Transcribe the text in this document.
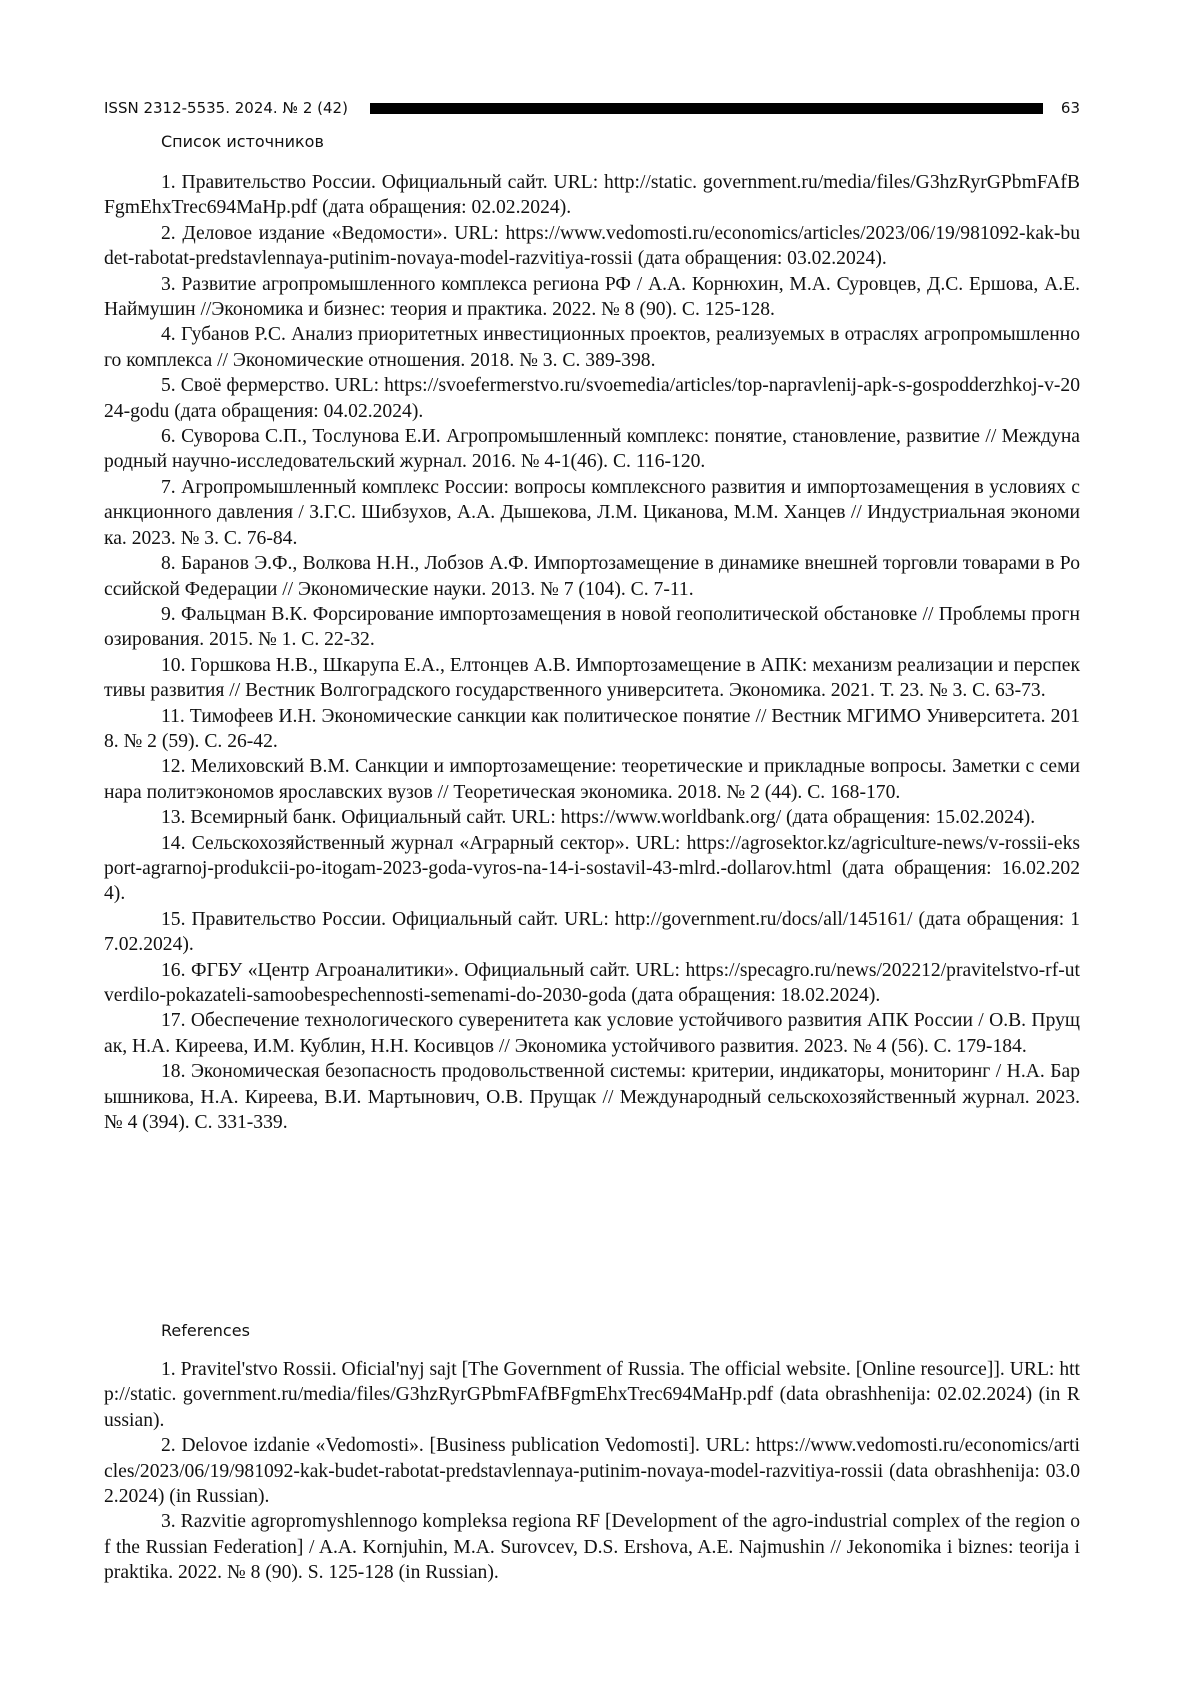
ISSN 2312-5535. 2024. № 2 (42)	63
Список источников

1. Правительство России. Официальный сайт. URL: http://static. government.ru/media/files/G3hzRyrGPbmFAfBFgmEhxTrec694MaHp.pdf (дата обращения: 02.02.2024).

2. Деловое издание «Ведомости». URL: https://www.vedomosti.ru/economics/articles/2023/06/19/981092-kak-budet-rabotat-predstavlennaya-putinim-novaya-model-razvitiya-rossii (дата обращения: 03.02.2024).

3. Развитие агропромышленного комплекса региона РФ / А.А. Корнюхин, М.А. Суровцев, Д.С. Ершова, А.Е. Наймушин //Экономика и бизнес: теория и практика. 2022. № 8 (90). С. 125-128.

4. Губанов Р.С. Анализ приоритетных инвестиционных проектов, реализуемых в отраслях агропромышленного комплекса // Экономические отношения. 2018. № 3. С. 389-398.

5. Своё фермерство. URL: https://svoefermerstvo.ru/svoemedia/articles/top-napravlenij-apk-s-gospodderzhkoj-v-2024-godu (дата обращения: 04.02.2024).

6. Суворова С.П., Тослунова Е.И. Агропромышленный комплекс: понятие, становление, развитие // Международный научно-исследовательский журнал. 2016. № 4-1(46). С. 116-120.

7. Агропромышленный комплекс России: вопросы комплексного развития и импортозамещения в условиях санкционного давления / З.Г.С. Шибзухов, А.А. Дышекова, Л.М. Циканова, М.М. Ханцев // Индустриальная экономика. 2023. № 3. С. 76-84.

8. Баранов Э.Ф., Волкова Н.Н., Лобзов А.Ф. Импортозамещение в динамике внешней торговли товарами в Российской Федерации // Экономические науки. 2013. № 7 (104). С. 7-11.

9. Фальцман В.К. Форсирование импортозамещения в новой геополитической обстановке // Проблемы прогнозирования. 2015. № 1. С. 22-32.

10. Горшкова Н.В., Шкарупа Е.А., Елтонцев А.В. Импортозамещение в АПК: механизм реализации и перспективы развития // Вестник Волгоградского государственного университета. Экономика. 2021. Т. 23. № 3. С. 63-73.

11. Тимофеев И.Н. Экономические санкции как политическое понятие // Вестник МГИМО Университета. 2018. № 2 (59). С. 26-42.

12. Мелиховский В.М. Санкции и импортозамещение: теоретические и прикладные вопросы. Заметки с семинара политэкономов ярославских вузов // Теоретическая экономика. 2018. № 2 (44). С. 168-170.

13. Всемирный банк. Официальный сайт. URL: https://www.worldbank.org/ (дата обращения: 15.02.2024).

14. Сельскохозяйственный журнал «Аграрный сектор». URL: https://agrosektor.kz/agriculture-news/v-rossii-eksport-agrarnoj-produkcii-po-itogam-2023-goda-vyros-na-14-i-sostavil-43-mlrd.-dollarov.html (дата обращения: 16.02.2024).

15. Правительство России. Официальный сайт. URL: http://government.ru/docs/all/145161/ (дата обращения: 17.02.2024).

16. ФГБУ «Центр Агроаналитики». Официальный сайт. URL: https://specagro.ru/news/202212/pravitelstvo-rf-utverdilo-pokazateli-samoobespechennosti-semenami-do-2030-goda (дата обращения: 18.02.2024).

17. Обеспечение технологического суверенитета как условие устойчивого развития АПК России / О.В. Прущак, Н.А. Киреева, И.М. Кублин, Н.Н. Косивцов // Экономика устойчивого развития. 2023. № 4 (56). С. 179-184.

18. Экономическая безопасность продовольственной системы: критерии, индикаторы, мониторинг / Н.А. Барышникова, Н.А. Киреева, В.И. Мартынович, О.В. Прущак // Международный сельскохозяйственный журнал. 2023. № 4 (394). С. 331-339.

References

1. Pravitel'stvo Rossii. Oficial'nyj sajt [The Government of Russia. The official website. [Online resource]]. URL: http://static. government.ru/media/files/G3hzRyrGPbmFAfBFgmEhxTrec694MaHp.pdf (data obrashhenija: 02.02.2024) (in Russian).

2. Delovoe izdanie «Vedomosti». [Business publication Vedomosti]. URL: https://www.vedomosti.ru/economics/articles/2023/06/19/981092-kak-budet-rabotat-predstavlennaya-putinim-novaya-model-razvitiya-rossii (data obrashhenija: 03.02.2024) (in Russian).

3. Razvitie agropromyshlennogo kompleksa regiona RF [Development of the agro-industrial complex of the region of the Russian Federation] / A.A. Kornjuhin, M.A. Surovcev, D.S. Ershova, A.E. Najmushin // Jekonomika i biznes: teorija i praktika. 2022. № 8 (90). S. 125-128 (in Russian).
